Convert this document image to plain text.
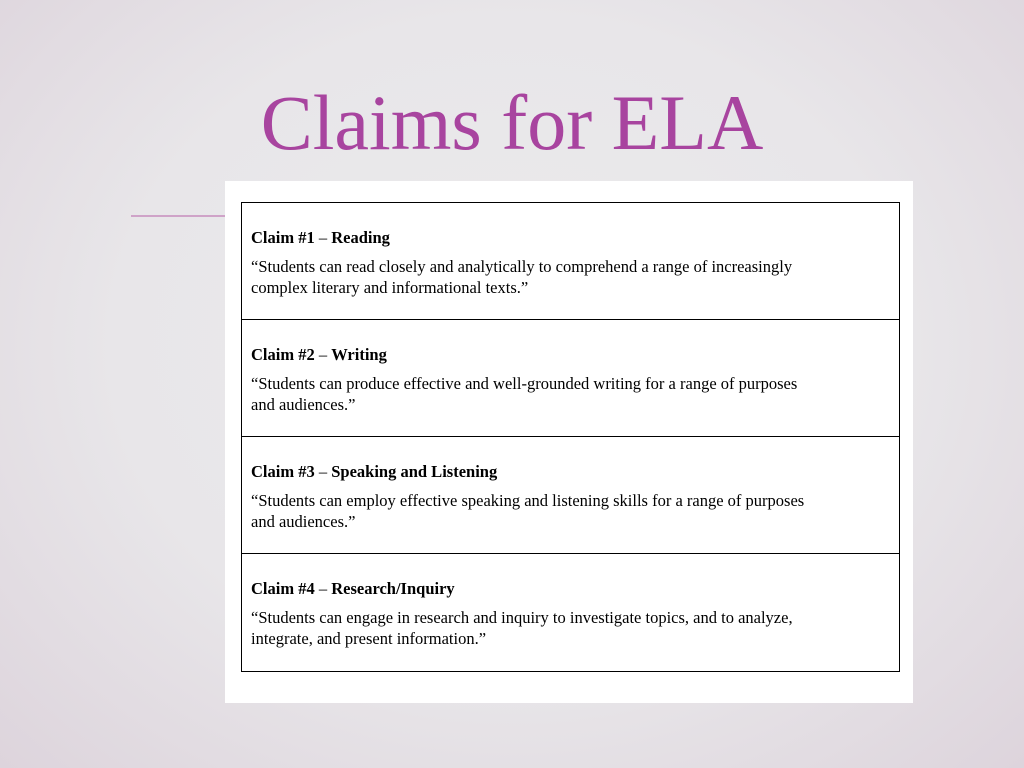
Claims for ELA

Claim #1 – Reading

“Students can read closely and analytically to comprehend a range of increasingly complex literary and informational texts.”

Claim #2 – Writing

“Students can produce effective and well-grounded writing for a range of purposes and audiences.”

Claim #3 – Speaking and Listening

“Students can employ effective speaking and listening skills for a range of purposes and audiences.”

Claim #4 – Research/Inquiry

“Students can engage in research and inquiry to investigate topics, and to analyze, integrate, and present information.”
